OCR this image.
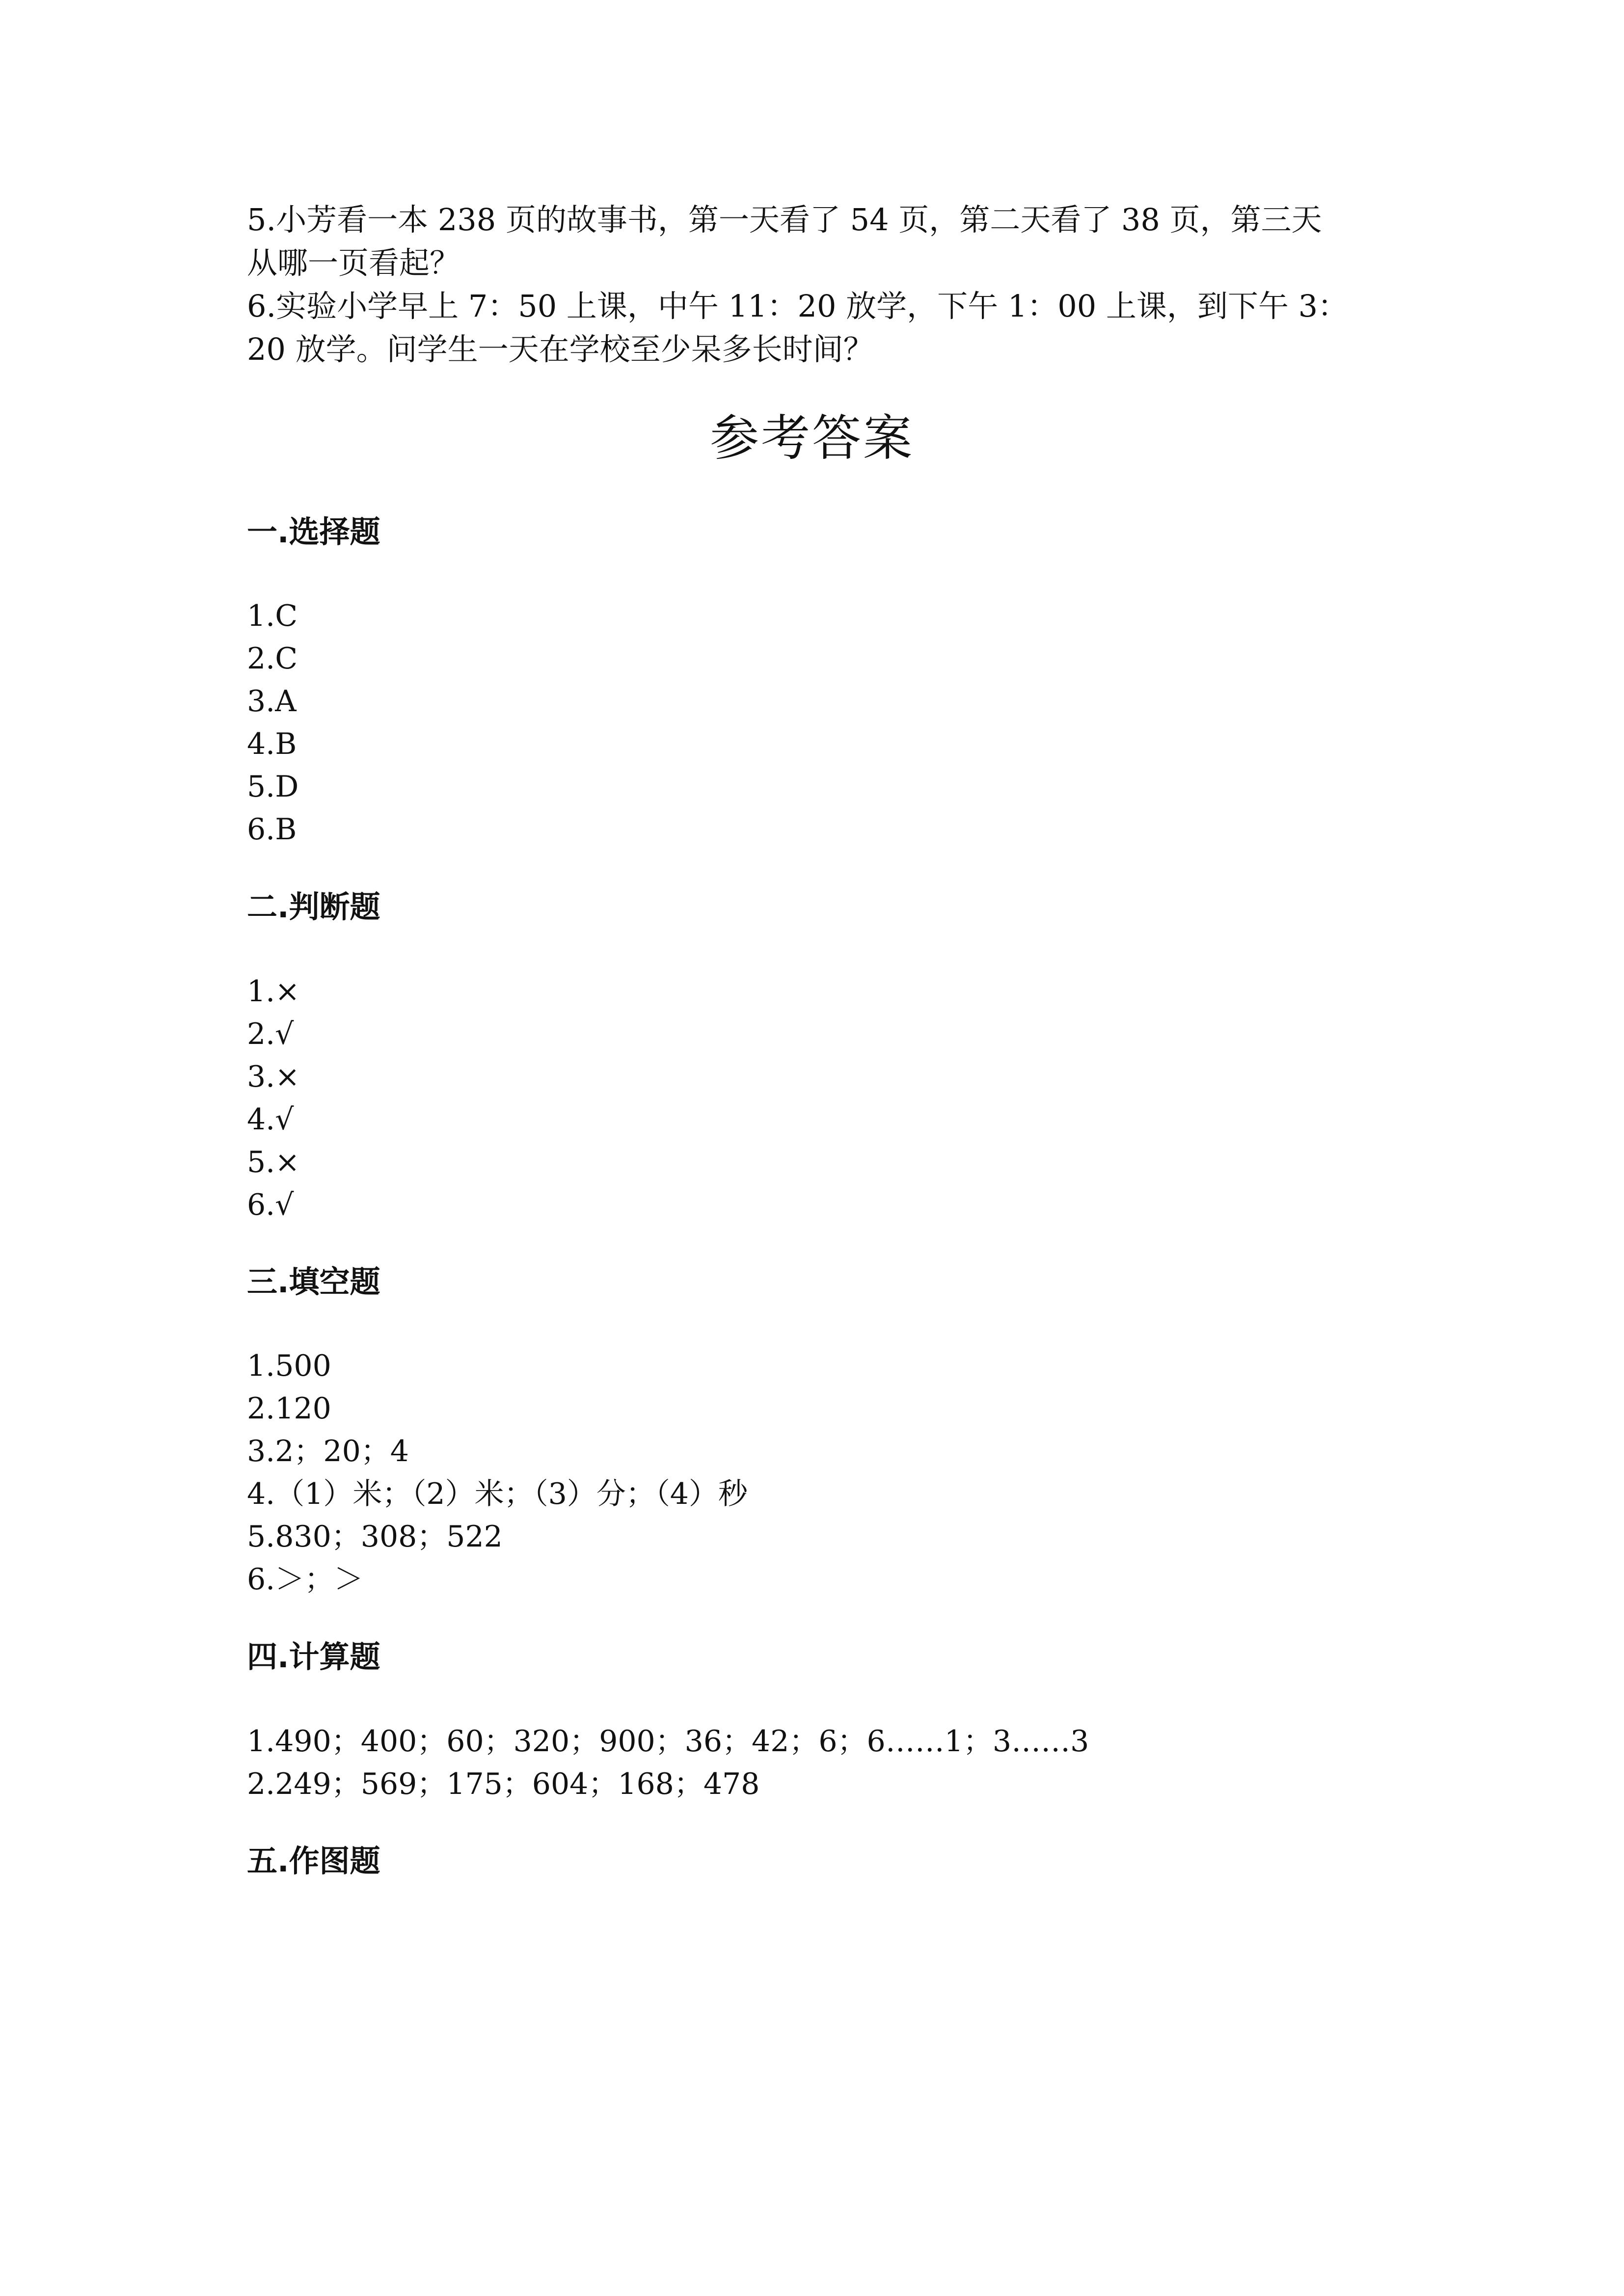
5.小芳看一本 238 页的故事书，第一天看了 54 页，第二天看了 38 页，第三天
从哪一页看起？
6.实验小学早上 7：50 上课，中午 11：20 放学，下午 1：00 上课，到下午 3：
20 放学。问学生一天在学校至少呆多长时间？
参考答案
一.选择题
1.C
2.C
3.A
4.B
5.D
6.B
二.判断题
1.×
2.√
3.×
4.√
5.×
6.√
三.填空题
1.500
2.120
3.2；20；4
4.（1）米；（2）米；（3）分；（4）秒
5.830；308；522
6.＞；＞
四.计算题
1.490；400；60；320；900；36；42；6；6……1；3……3
2.249；569；175；604；168；478
五.作图题
